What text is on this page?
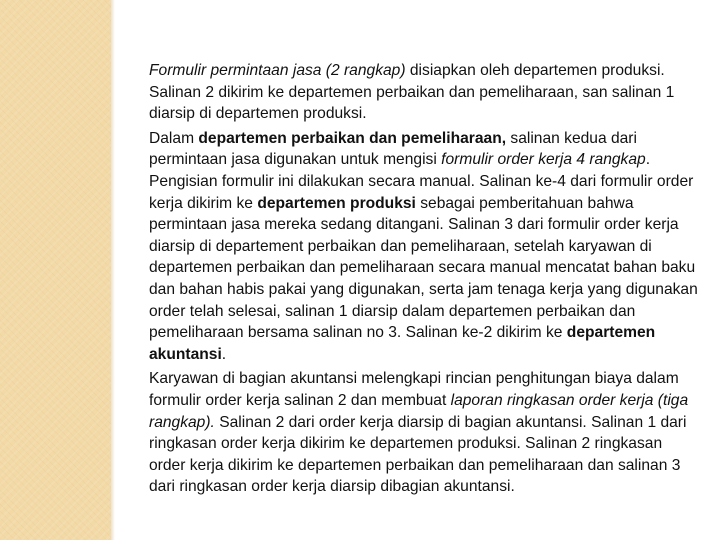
Formulir permintaan jasa (2 rangkap) disiapkan oleh departemen produksi. Salinan 2 dikirim ke departemen perbaikan dan pemeliharaan, san salinan 1 diarsip di departemen produksi.

Dalam departemen perbaikan dan pemeliharaan, salinan kedua dari permintaan jasa digunakan untuk mengisi formulir order kerja 4 rangkap. Pengisian formulir ini dilakukan secara manual. Salinan ke-4 dari formulir order kerja dikirim ke departemen produksi sebagai pemberitahuan bahwa permintaan jasa mereka sedang ditangani. Salinan 3 dari formulir order kerja diarsip di departement perbaikan dan pemeliharaan, setelah karyawan di departemen perbaikan dan pemeliharaan secara manual mencatat bahan baku dan bahan habis pakai yang digunakan, serta jam tenaga kerja yang digunakan order telah selesai, salinan 1 diarsip dalam departemen perbaikan dan pemeliharaan bersama salinan no 3. Salinan ke-2 dikirim ke departemen akuntansi.

Karyawan di bagian akuntansi melengkapi rincian penghitungan biaya dalam formulir order kerja salinan 2 dan membuat laporan ringkasan order kerja (tiga rangkap). Salinan 2 dari order kerja diarsip di bagian akuntansi. Salinan 1 dari ringkasan order kerja dikirim ke departemen produksi. Salinan 2 ringkasan order kerja dikirim ke departemen perbaikan dan pemeliharaan dan salinan 3 dari ringkasan order kerja diarsip dibagian akuntansi.
